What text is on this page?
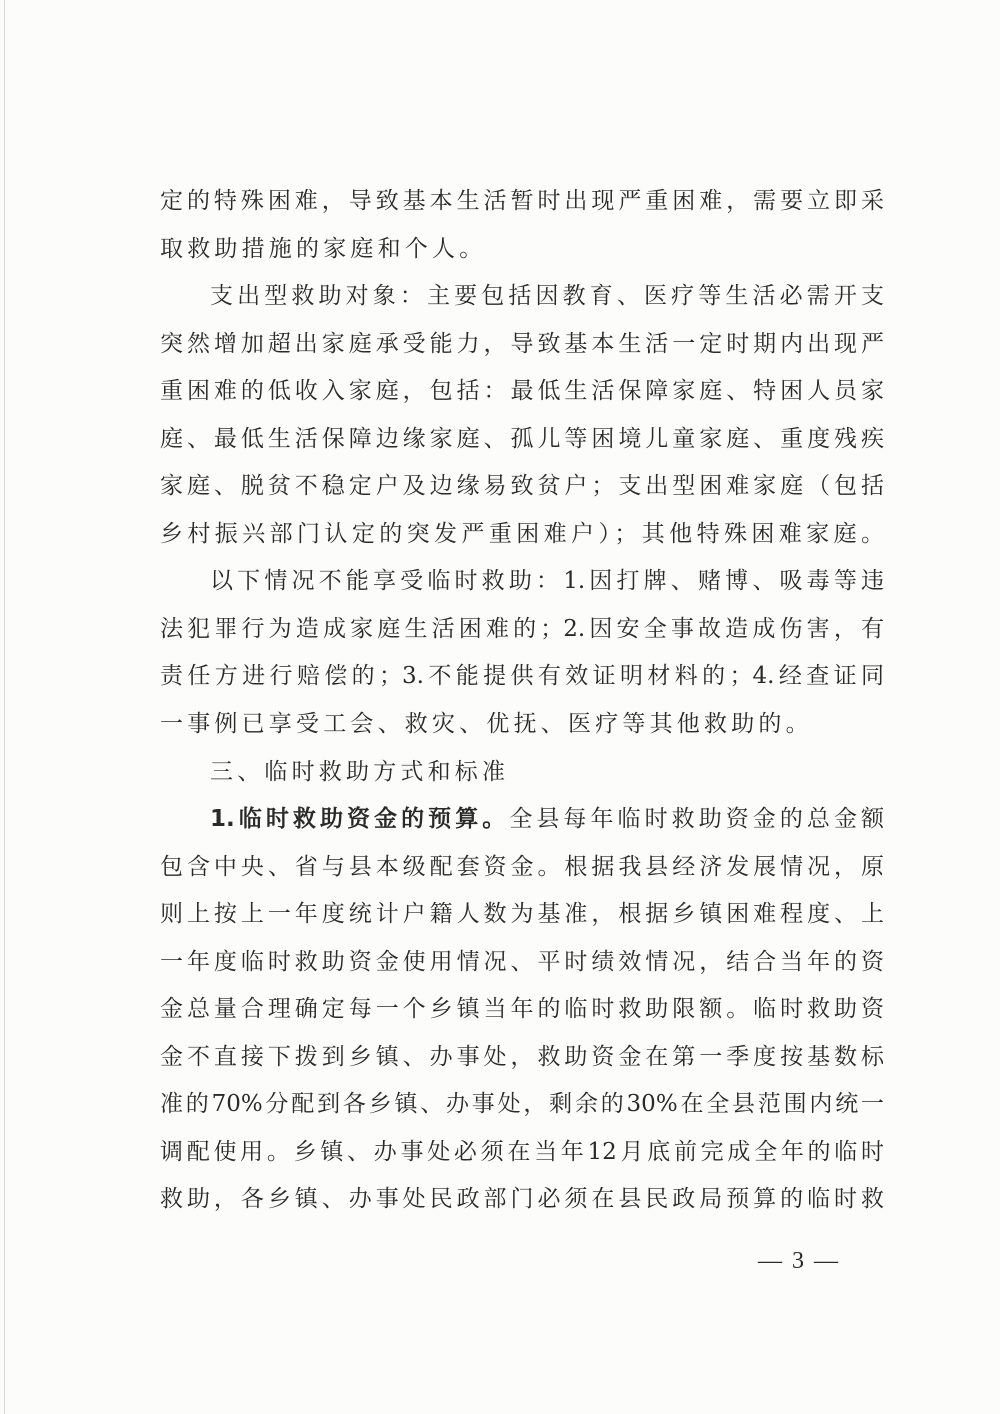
定的特殊困难，导致基本生活暂时出现严重困难，需要立即采
取救助措施的家庭和个人。
支出型救助对象：主要包括因教育、医疗等生活必需开支
突然增加超出家庭承受能力，导致基本生活一定时期内出现严
重困难的低收入家庭，包括：最低生活保障家庭、特困人员家
庭、最低生活保障边缘家庭、孤儿等困境儿童家庭、重度残疾
家庭、脱贫不稳定户及边缘易致贫户；支出型困难家庭（包括
乡村振兴部门认定的突发严重困难户）；其他特殊困难家庭。
以下情况不能享受临时救助：1.因打牌、赌博、吸毒等违
法犯罪行为造成家庭生活困难的；2.因安全事故造成伤害，有
责任方进行赔偿的；3.不能提供有效证明材料的；4.经查证同
一事例已享受工会、救灾、优抚、医疗等其他救助的。
三、临时救助方式和标准
1.临时救助资金的预算。全县每年临时救助资金的总金额
包含中央、省与县本级配套资金。根据我县经济发展情况，原
则上按上一年度统计户籍人数为基准，根据乡镇困难程度、上
一年度临时救助资金使用情况、平时绩效情况，结合当年的资
金总量合理确定每一个乡镇当年的临时救助限额。临时救助资
金不直接下拨到乡镇、办事处，救助资金在第一季度按基数标
准的70%分配到各乡镇、办事处，剩余的30%在全县范围内统一
调配使用。乡镇、办事处必须在当年12月底前完成全年的临时
救助，各乡镇、办事处民政部门必须在县民政局预算的临时救
— 3 —
